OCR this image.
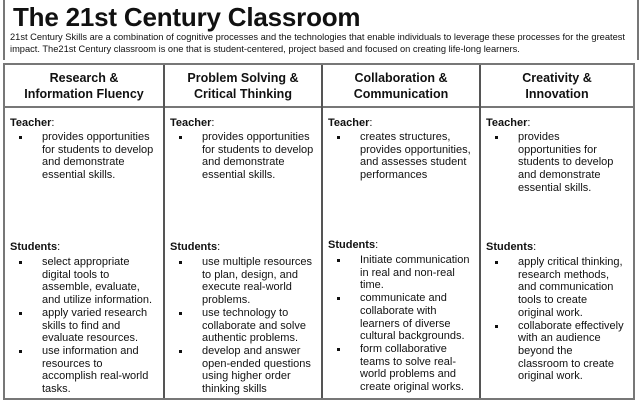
The 21st Century Classroom
21st Century Skills are a combination of cognitive processes and the technologies that enable individuals to leverage these processes for the greatest impact. The21st Century classroom is one that is student-centered, project based and focused on creating life-long learners.
Research &
Information Fluency
Teacher:
provides opportunities for students to develop and demonstrate essential skills.
Students:
select appropriate digital tools to assemble, evaluate, and utilize information.
apply varied research skills to find and evaluate resources.
use information and resources to accomplish real-world tasks.
Problem Solving &
Critical Thinking
Teacher:
provides opportunities for students to develop and demonstrate essential skills.
Students:
use multiple resources to plan, design, and execute real-world problems.
use technology to collaborate and solve authentic problems.
develop and answer open-ended questions using higher order thinking skills
Collaboration &
Communication
Teacher:
creates structures, provides opportunities, and assesses student performances
Students:
Initiate communication in real and non-real time.
communicate and collaborate with learners of diverse cultural backgrounds.
form collaborative teams to solve real-world problems and create original works.
Creativity &
Innovation
Teacher:
provides opportunities for students to develop and demonstrate essential skills.
Students:
apply critical thinking, research methods, and communication tools to create original work.
collaborate effectively with an audience beyond the classroom to create original work.
